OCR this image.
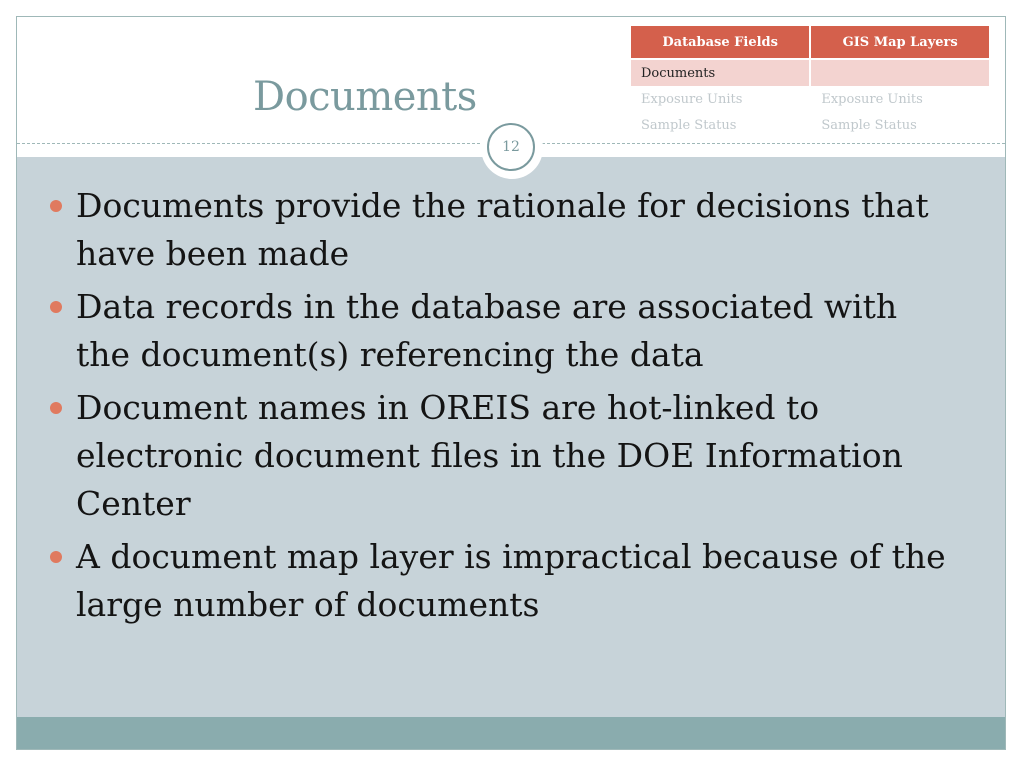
Documents
Database Fields	GIS Map Layers
Documents	
Exposure Units	Exposure Units
Sample Status	Sample Status
12
Documents provide the rationale for decisions that have been made
Data records in the database are associated with the document(s) referencing the data
Document names in OREIS are hot-linked to electronic document files in the DOE Information Center
A document map layer is impractical because of the large number of documents
